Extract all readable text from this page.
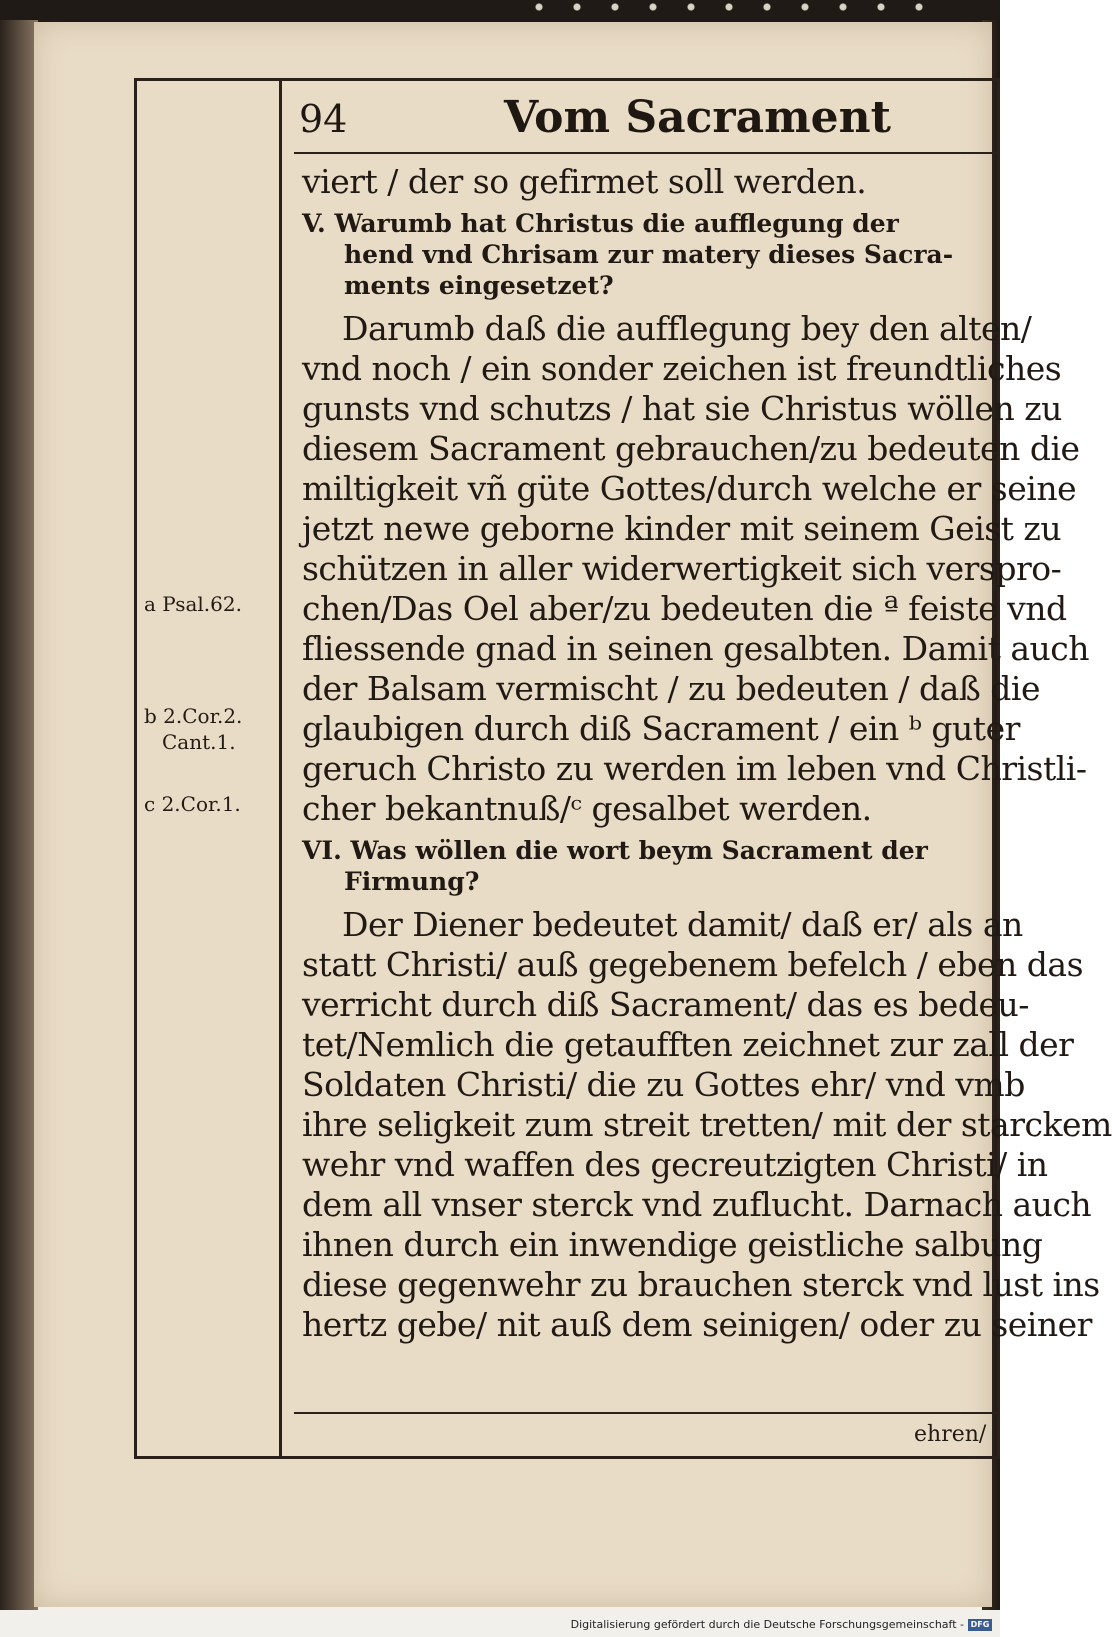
94	Vom Sacrament
viert / der so gefirmet soll werden.
V. Warumb hat Christus die aufflegung der
hend vnd Chrisam zur matery dieses Sacra-
ments eingesetzet?
Darumb daß die aufflegung bey den alten/
vnd noch / ein sonder zeichen ist freundtliches
gunsts vnd schutzs / hat sie Christus wöllen zu
diesem Sacrament gebrauchen/zu bedeuten die
miltigkeit vñ güte Gottes/durch welche er seine
jetzt newe geborne kinder mit seinem Geist zu
schützen in aller widerwertigkeit sich verspro-
chen/Das Oel aber/zu bedeuten die ª feiste vnd
fliessende gnad in seinen gesalbten. Damit auch
der Balsam vermischt / zu bedeuten / daß die
glaubigen durch diß Sacrament / ein ᵇ guter
geruch Christo zu werden im leben vnd Christli-
cher bekantnuß/ᶜ gesalbet werden.
VI. Was wöllen die wort beym Sacrament der
Firmung?
Der Diener bedeutet damit/ daß er/ als an
statt Christi/ auß gegebenem befelch / eben das
verricht durch diß Sacrament/ das es bedeu-
tet/Nemlich die getaufften zeichnet zur zall der
Soldaten Christi/ die zu Gottes ehr/ vnd vmb
ihre seligkeit zum streit tretten/ mit der starckem
wehr vnd waffen des gecreutzigten Christi/ in
dem all vnser sterck vnd zuflucht. Darnach auch
ihnen durch ein inwendige geistliche salbung
diese gegenwehr zu brauchen sterck vnd lust ins
hertz gebe/ nit auß dem seinigen/ oder zu seiner
a Psal.62.
b 2.Cor.2.
Cant.1.
c 2.Cor.1.
ehren/
Digitalisierung gefördert durch die Deutsche Forschungsgemeinschaft - DFG
